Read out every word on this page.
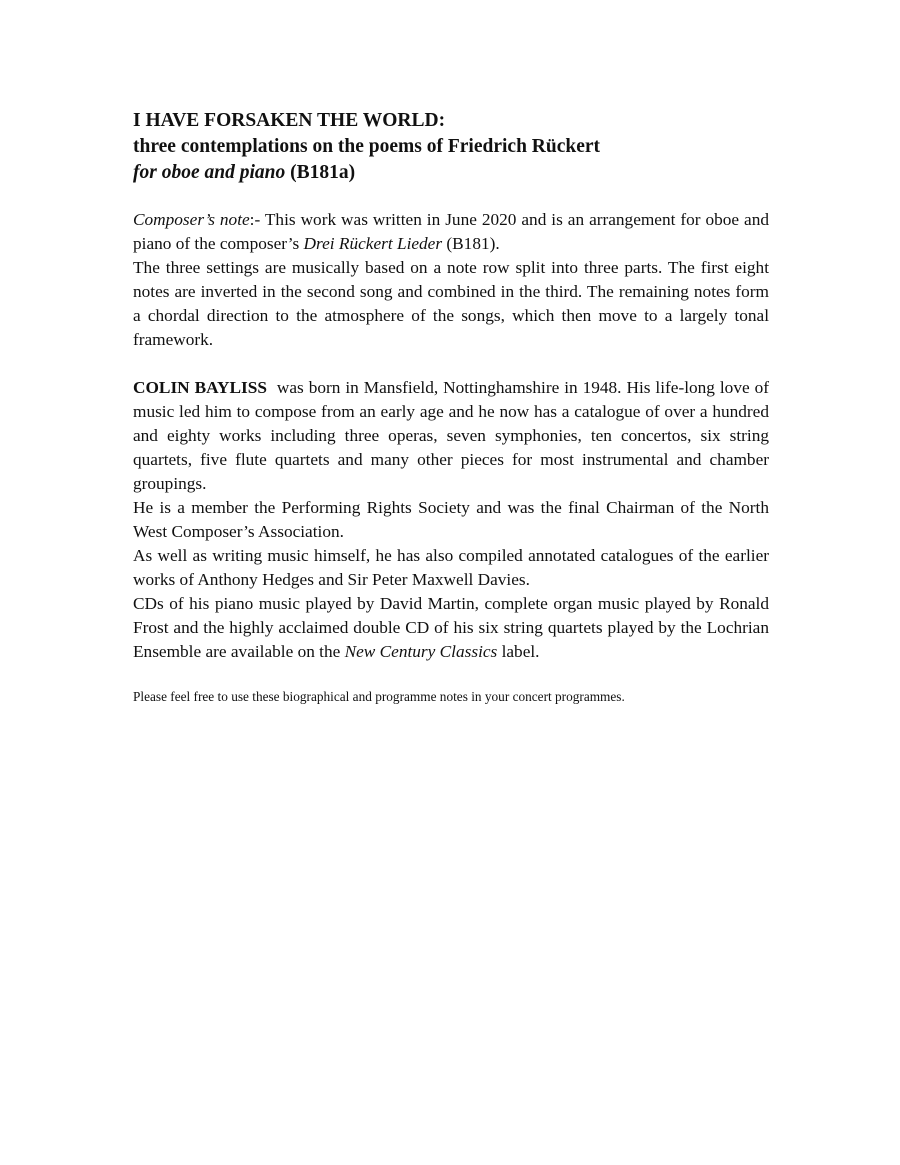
I HAVE FORSAKEN THE WORLD:
three contemplations on the poems of Friedrich Rückert
for oboe and piano (B181a)

Composer’s note:- This work was written in June 2020 and is an arrangement for oboe and piano of the composer’s Drei Rückert Lieder (B181).

The three settings are musically based on a note row split into three parts. The first eight notes are inverted in the second song and combined in the third. The remaining notes form a chordal direction to the atmosphere of the songs, which then move to a largely tonal framework.

COLIN BAYLISS was born in Mansfield, Nottinghamshire in 1948. His life-long love of music led him to compose from an early age and he now has a catalogue of over a hundred and eighty works including three operas, seven symphonies, ten concertos, six string quartets, five flute quartets and many other pieces for most instrumental and chamber groupings.

He is a member the Performing Rights Society and was the final Chairman of the North West Composer’s Association.

As well as writing music himself, he has also compiled annotated catalogues of the earlier works of Anthony Hedges and Sir Peter Maxwell Davies.

CDs of his piano music played by David Martin, complete organ music played by Ronald Frost and the highly acclaimed double CD of his six string quartets played by the Lochrian Ensemble are available on the New Century Classics label.

Please feel free to use these biographical and programme notes in your concert programmes.
